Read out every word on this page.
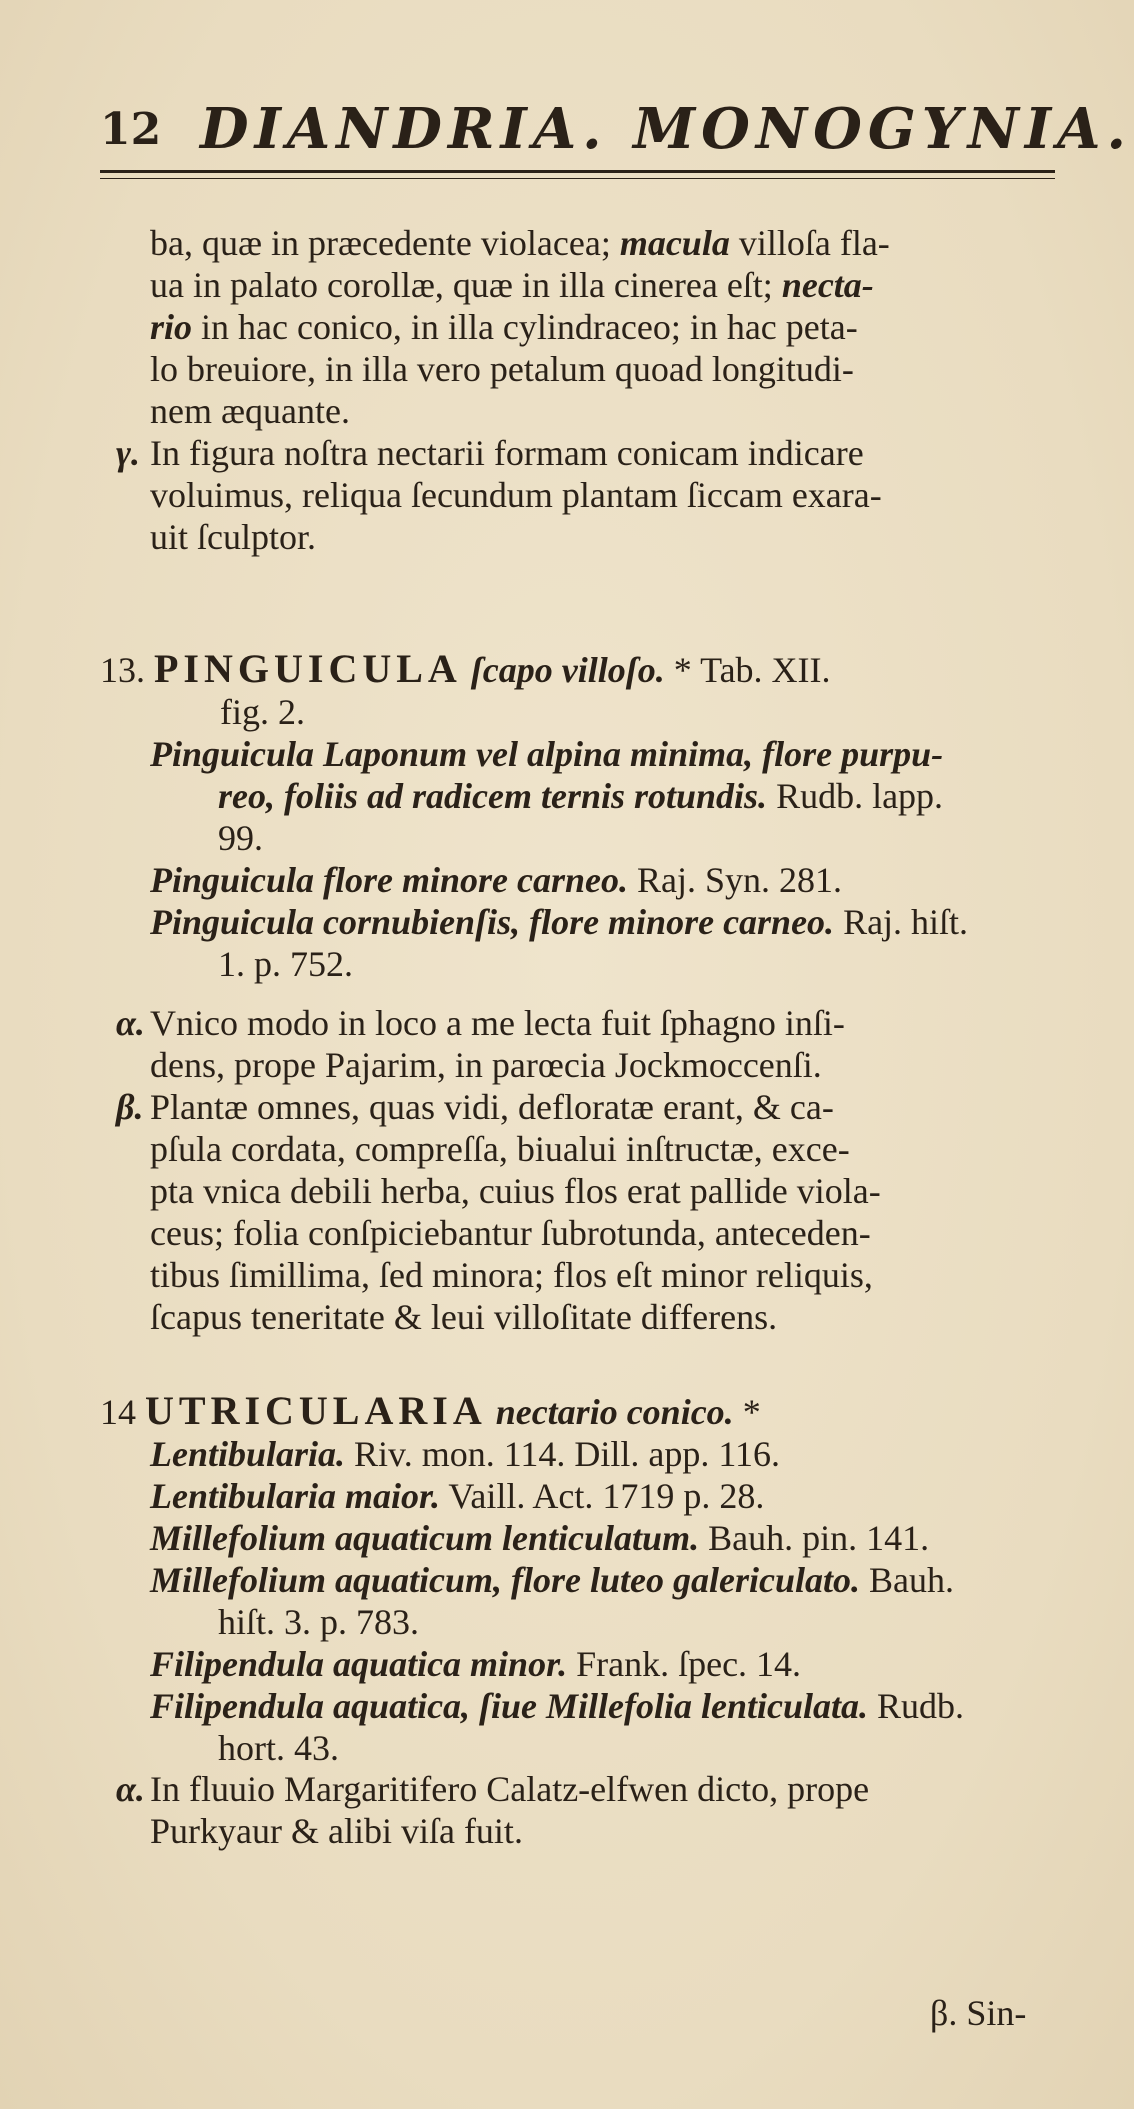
12 DIANDRIA. MONOGYNIA.
ba, quæ in præcedente violacea; macula villoſa fla-
ua in palato corollæ, quæ in illa cinerea eſt; necta-
rio in hac conico, in illa cylindraceo; in hac peta-
lo breuiore, in illa vero petalum quoad longitudi-
nem æquante.
γ. In figura noſtra nectarii formam conicam indicare
voluimus, reliqua ſecundum plantam ſiccam exara-
uit ſculptor.
13. PINGUICULA ſcapo villoſo. * Tab. XII.
fig. 2.
Pinguicula Laponum vel alpina minima, flore purpu-
reo, foliis ad radicem ternis rotundis. Rudb. lapp.
99.
Pinguicula flore minore carneo. Raj. Syn. 281.
Pinguicula cornubienſis, flore minore carneo. Raj. hiſt.
1. p. 752.
α. Vnico modo in loco a me lecta fuit ſphagno inſi-
dens, prope Pajarim, in parœcia Jockmoccenſi.
β. Plantæ omnes, quas vidi, defloratæ erant, & ca-
pſula cordata, compreſſa, biualui inſtructæ, exce-
pta vnica debili herba, cuius flos erat pallide viola-
ceus; folia conſpiciebantur ſubrotunda, anteceden-
tibus ſimillima, ſed minora; flos eſt minor reliquis,
ſcapus teneritate & leui villoſitate differens.
14 UTRICULARIA nectario conico. *
Lentibularia. Riv. mon. 114. Dill. app. 116.
Lentibularia maior. Vaill. Act. 1719 p. 28.
Millefolium aquaticum lenticulatum. Bauh. pin. 141.
Millefolium aquaticum, flore luteo galericulato. Bauh.
hiſt. 3. p. 783.
Filipendula aquatica minor. Frank. ſpec. 14.
Filipendula aquatica, ſiue Millefolia lenticulata. Rudb.
hort. 43.
α. In fluuio Margaritifero Calatz-elfwen dicto, prope
Purkyaur & alibi viſa fuit.
β. Sin-
